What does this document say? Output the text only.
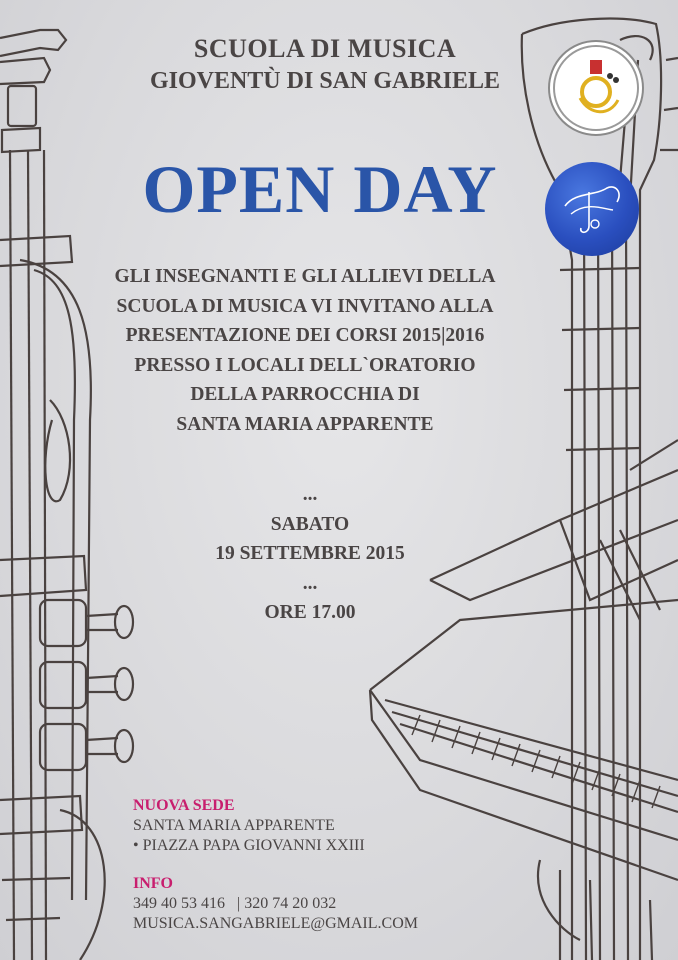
SCUOLA DI MUSICA
GIOVENTÙ DI SAN GABRIELE
OPEN DAY
GLI INSEGNANTI E GLI ALLIEVI DELLA
SCUOLA DI MUSICA VI INVITANO ALLA
PRESENTAZIONE DEI CORSI 2015|2016
PRESSO I LOCALI DELL`ORATORIO
DELLA PARROCCHIA DI
SANTA MARIA APPARENTE
...
SABATO
19 SETTEMBRE 2015
...
ORE 17.00
NUOVA SEDE
SANTA MARIA APPARENTE
• PIAZZA PAPA GIOVANNI XXIII
INFO
349 40 53 416   | 320 74 20 032
MUSICA.SANGABRIELE@GMAIL.COM
